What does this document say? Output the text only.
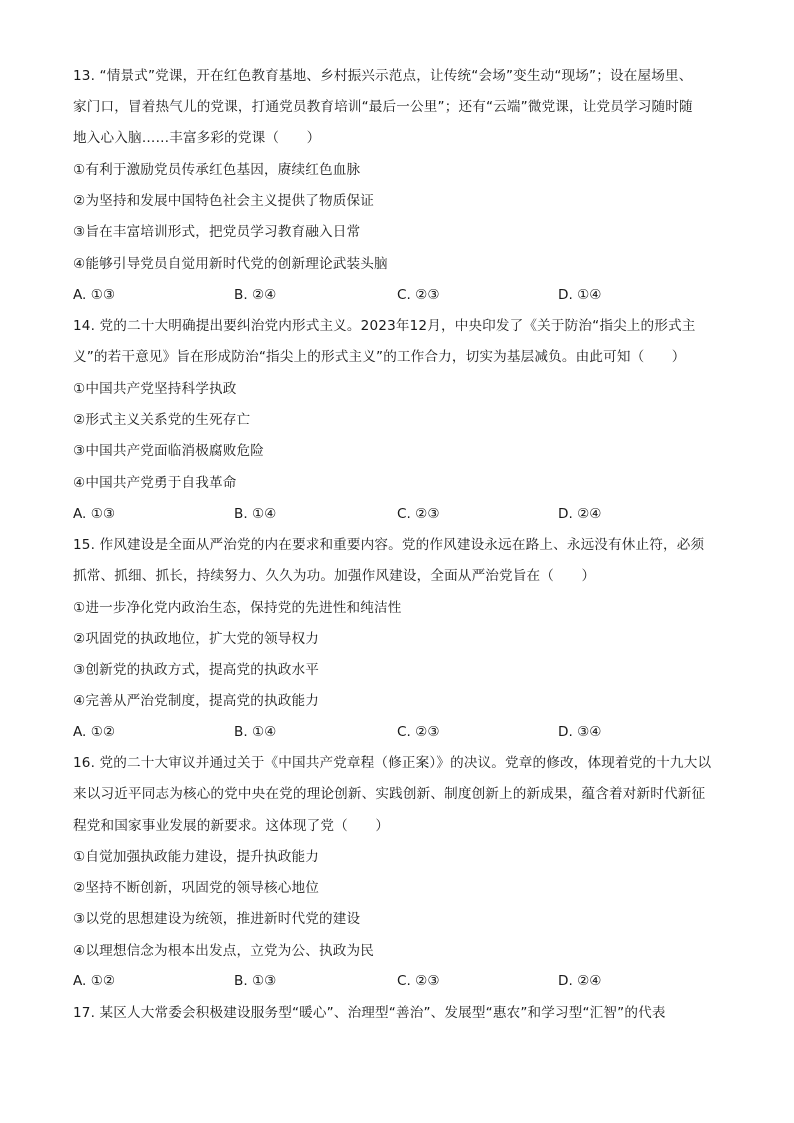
13. “情景式”党课，开在红色教育基地、乡村振兴示范点，让传统“会场”变生动“现场”；设在屋场里、
家门口，冒着热气儿的党课，打通党员教育培训“最后一公里”；还有“云端”微党课，让党员学习随时随
地入心入脑……丰富多彩的党课（　　）
①有利于激励党员传承红色基因，赓续红色血脉
②为坚持和发展中国特色社会主义提供了物质保证
③旨在丰富培训形式，把党员学习教育融入日常
④能够引导党员自觉用新时代党的创新理论武装头脑
A. ①③	B. ②④	C. ②③	D. ①④
14. 党的二十大明确提出要纠治党内形式主义。2023年12月，中央印发了《关于防治“指尖上的形式主
义”的若干意见》旨在形成防治“指尖上的形式主义”的工作合力，切实为基层减负。由此可知（　　）
①中国共产党坚持科学执政
②形式主义关系党的生死存亡
③中国共产党面临消极腐败危险
④中国共产党勇于自我革命
A. ①③	B. ①④	C. ②③	D. ②④
15. 作风建设是全面从严治党的内在要求和重要内容。党的作风建设永远在路上、永远没有休止符，必须
抓常、抓细、抓长，持续努力、久久为功。加强作风建设，全面从严治党旨在（　　）
①进一步净化党内政治生态，保持党的先进性和纯洁性
②巩固党的执政地位，扩大党的领导权力
③创新党的执政方式，提高党的执政水平
④完善从严治党制度，提高党的执政能力
A. ①②	B. ①④	C. ②③	D. ③④
16. 党的二十大审议并通过关于《中国共产党章程（修正案）》的决议。党章的修改，体现着党的十九大以
来以习近平同志为核心的党中央在党的理论创新、实践创新、制度创新上的新成果，蕴含着对新时代新征
程党和国家事业发展的新要求。这体现了党（　　）
①自觉加强执政能力建设，提升执政能力
②坚持不断创新，巩固党的领导核心地位
③以党的思想建设为统领，推进新时代党的建设
④以理想信念为根本出发点，立党为公、执政为民
A. ①②	B. ①③	C. ②③	D. ②④
17. 某区人大常委会积极建设服务型“暖心”、治理型“善治”、发展型“惠农”和学习型“汇智”的代表
